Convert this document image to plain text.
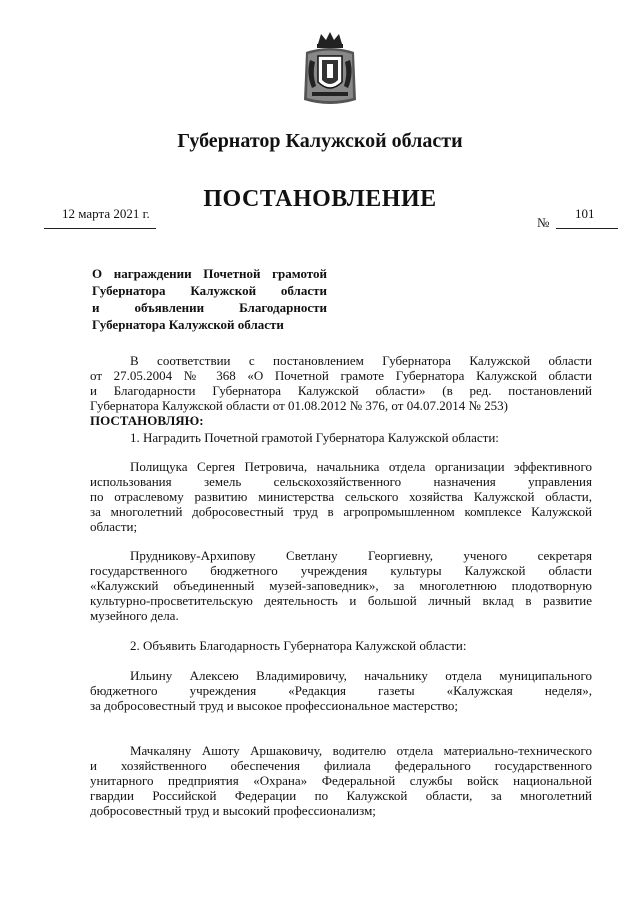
Губернатор Калужской области
ПОСТАНОВЛЕНИЕ
12 марта 2021 г.
№
101
О награждении Почетной грамотой
Губернатора Калужской области
и объявлении Благодарности
Губернатора Калужской области
В соответствии с постановлением Губернатора Калужской области
от 27.05.2004 № 368 «О Почетной грамоте Губернатора Калужской области
и Благодарности Губернатора Калужской области» (в ред. постановлений
Губернатора Калужской области от 01.08.2012 № 376, от 04.07.2014 № 253)
ПОСТАНОВЛЯЮ:
1. Наградить Почетной грамотой Губернатора Калужской области:
Полищука Сергея Петровича, начальника отдела организации эффективного
использования земель сельскохозяйственного назначения управления
по отраслевому развитию министерства сельского хозяйства Калужской области,
за многолетний добросовестный труд в агропромышленном комплексе Калужской
области;
Прудникову-Архипову Светлану Георгиевну, ученого секретаря
государственного бюджетного учреждения культуры Калужской области
«Калужский объединенный музей-заповедник», за многолетнюю плодотворную
культурно-просветительскую деятельность и большой личный вклад в развитие
музейного дела.
2. Объявить Благодарность Губернатора Калужской области:
Ильину Алексею Владимировичу, начальнику отдела муниципального
бюджетного учреждения «Редакция газеты «Калужская неделя»,
за добросовестный труд и высокое профессиональное мастерство;
Мачкаляну Ашоту Аршаковичу, водителю отдела материально-технического
и хозяйственного обеспечения филиала федерального государственного
унитарного предприятия «Охрана» Федеральной службы войск национальной
гвардии Российской Федерации по Калужской области, за многолетний
добросовестный труд и высокий профессионализм;
